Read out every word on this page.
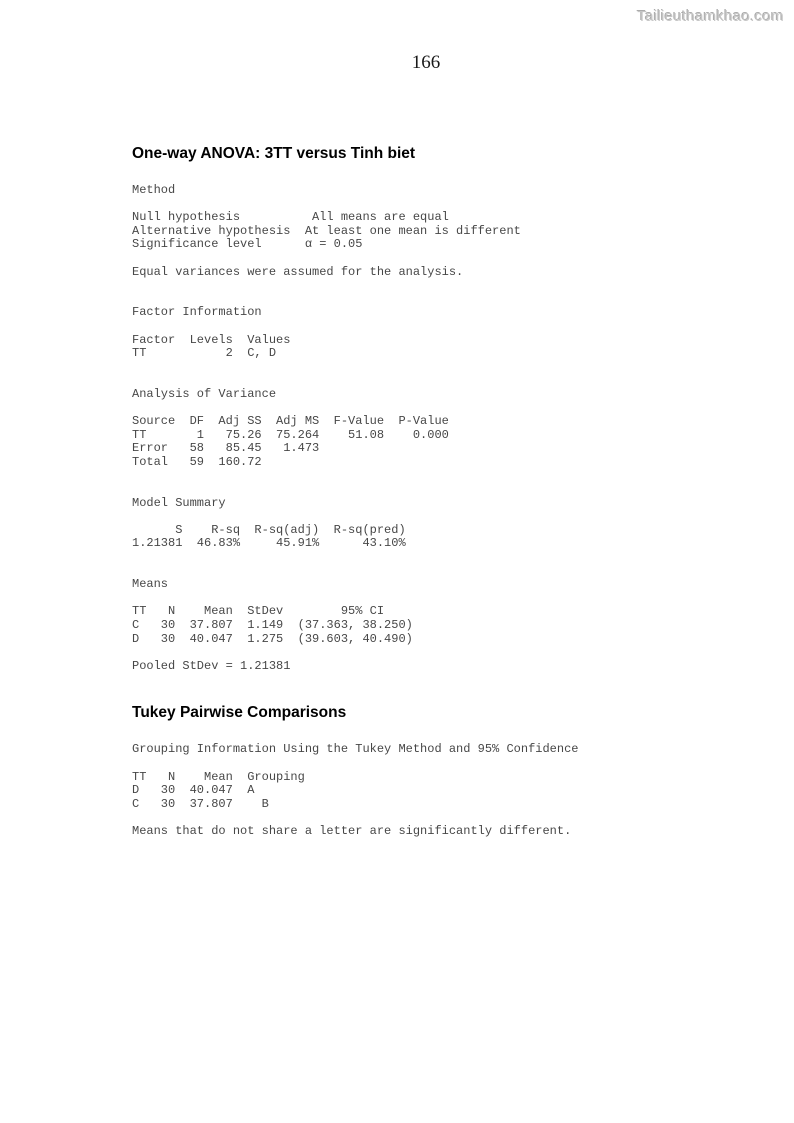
Tailieuthamkhao.com
166
One-way ANOVA: 3TT versus Tinh biet
Method
Null hypothesis          All means are equal
Alternative hypothesis  At least one mean is different
Significance level      α = 0.05
Equal variances were assumed for the analysis.
Factor Information
Factor  Levels  Values
TT           2  C, D
Analysis of Variance
Source  DF  Adj SS  Adj MS  F-Value  P-Value
TT       1   75.26  75.264    51.08    0.000
Error   58   85.45   1.473
Total   59  160.72
Model Summary
S    R-sq  R-sq(adj)  R-sq(pred)
1.21381  46.83%     45.91%      43.10%
Means
TT   N    Mean  StDev        95% CI
C   30  37.807  1.149  (37.363, 38.250)
D   30  40.047  1.275  (39.603, 40.490)
Pooled StDev = 1.21381
Tukey Pairwise Comparisons
Grouping Information Using the Tukey Method and 95% Confidence
TT   N    Mean  Grouping
D   30  40.047  A
C   30  37.807    B
Means that do not share a letter are significantly different.
